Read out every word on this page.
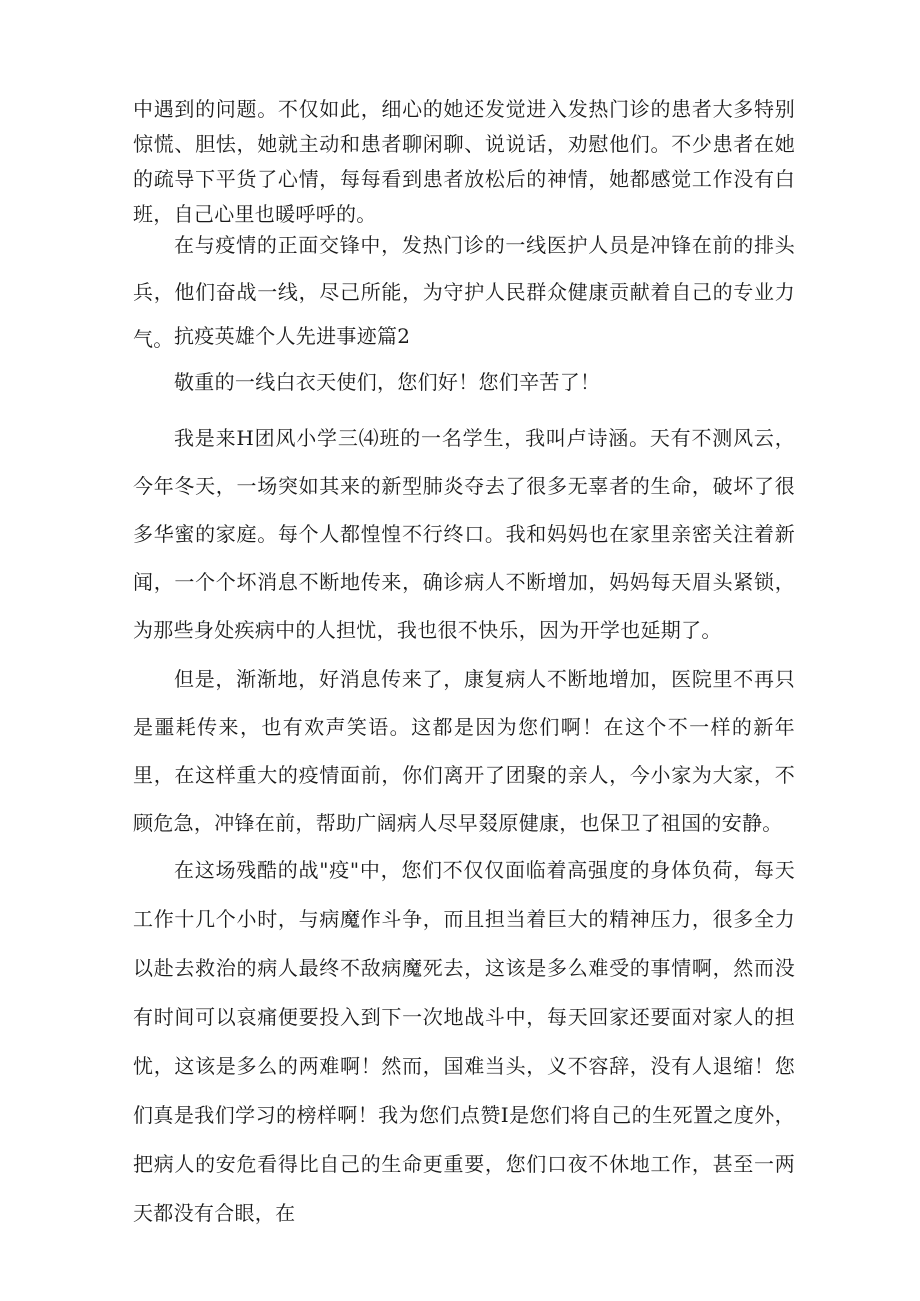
中遇到的问题。不仅如此，细心的她还发觉进入发热门诊的患者大多特别惊慌、胆怯，她就主动和患者聊闲聊、说说话，劝慰他们。不少患者在她的疏导下平货了心情，每每看到患者放松后的神情，她都感觉工作没有白班，自己心里也暖呼呼的。

在与疫情的正面交锋中，发热门诊的一线医护人员是冲锋在前的排头兵，他们奋战一线，尽己所能，为守护人民群众健康贡献着自己的专业力气。 抗疫英雄个人先进事迹篇2

敬重的一线白衣天使们，您们好！您们辛苦了！

我是来H团风小学三⑷班的一名学生，我叫卢诗涵。天有不测风云，今年冬天，一场突如其来的新型肺炎夺去了很多无辜者的生命，破坏了很多华蜜的家庭。每个人都惶惶不行终口。我和妈妈也在家里亲密关注着新闻，一个个坏消息不断地传来，确诊病人不断增加，妈妈每天眉头紧锁，为那些身处疾病中的人担忧，我也很不快乐，因为开学也延期了。

但是，渐渐地，好消息传来了，康复病人不断地增加，医院里不再只是噩耗传来，也有欢声笑语。这都是因为您们啊！在这个不一样的新年里，在这样重大的疫情面前，你们离开了团聚的亲人，今小家为大家，不顾危急，冲锋在前，帮助广阔病人尽早叕原健康，也保卫了祖国的安静。

在这场残酷的战"疫"中，您们不仅仅面临着高强度的身体负荷，每天工作十几个小时，与病魔作斗争，而且担当着巨大的精神压力，很多全力以赴去救治的病人最终不敌病魔死去，这该是多么难受的事情啊，然而没有时间可以哀痛便要投入到下一次地战斗中，每天回家还要面对家人的担忧，这该是多么的两难啊！然而，国难当头，义不容辞，没有人退缩！您们真是我们学习的榜样啊！我为您们点赞I是您们将自己的生死置之度外，把病人的安危看得比自己的生命更重要，您们口夜不休地工作，甚至一两天都没有合眼，在
